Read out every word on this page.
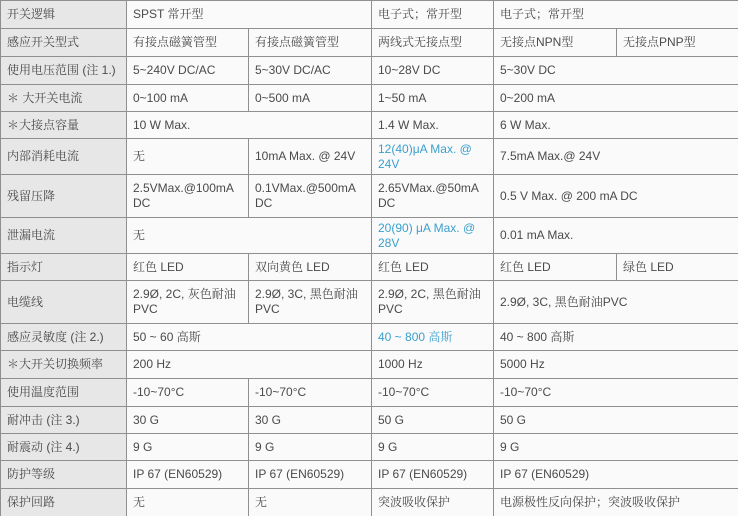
开关逻辑	SPST 常开型		电子式；常开型	电子式；常开型	
感应开关型式	有接点磁簧管型	有接点磁簧管型	两线式无接点型	无接点NPN型	无接点PNP型
使用电压范围 (注 1.)	5~240V DC/AC	5~30V DC/AC	10~28V DC	5~30V DC	
＊ 大开关电流	0~100 mA	0~500 mA	1~50 mA	0~200 mA	
＊大接点容量	10 W Max.		1.4 W Max.	6 W Max.	
内部消耗电流	无	10mA Max. @ 24V	12(40)μA Max. @ 24V	7.5mA Max.@ 24V	
残留压降	2.5VMax.@100mA DC	0.1VMax.@500mA DC	2.65VMax.@50mA DC	0.5 V Max. @ 200 mA DC	
泄漏电流	无		20(90) μA Max. @ 28V	0.01 mA Max.	
指示灯	红色 LED	双向黄色 LED	红色 LED	红色 LED	绿色 LED
电缆线	2.9Ø, 2C, 灰色耐油PVC	2.9Ø, 3C, 黑色耐油PVC	2.9Ø, 2C, 黑色耐油PVC	2.9Ø, 3C, 黑色耐油PVC	
感应灵敏度 (注 2.)	50 ~ 60 高斯		40 ~ 800 高斯	40 ~ 800 高斯	
＊大开关切换频率	200 Hz		1000 Hz	5000 Hz	
使用温度范围	-10~70°C	-10~70°C	-10~70°C	-10~70°C	
耐冲击 (注 3.)	30 G	30 G	50 G	50 G	
耐震动 (注 4.)	9 G	9 G	9 G	9 G	
防护等级	IP 67 (EN60529)	IP 67 (EN60529)	IP 67 (EN60529)	IP 67 (EN60529)	
保护回路	无	无	突波吸收保护	电源极性反向保护；突波吸收保护	
